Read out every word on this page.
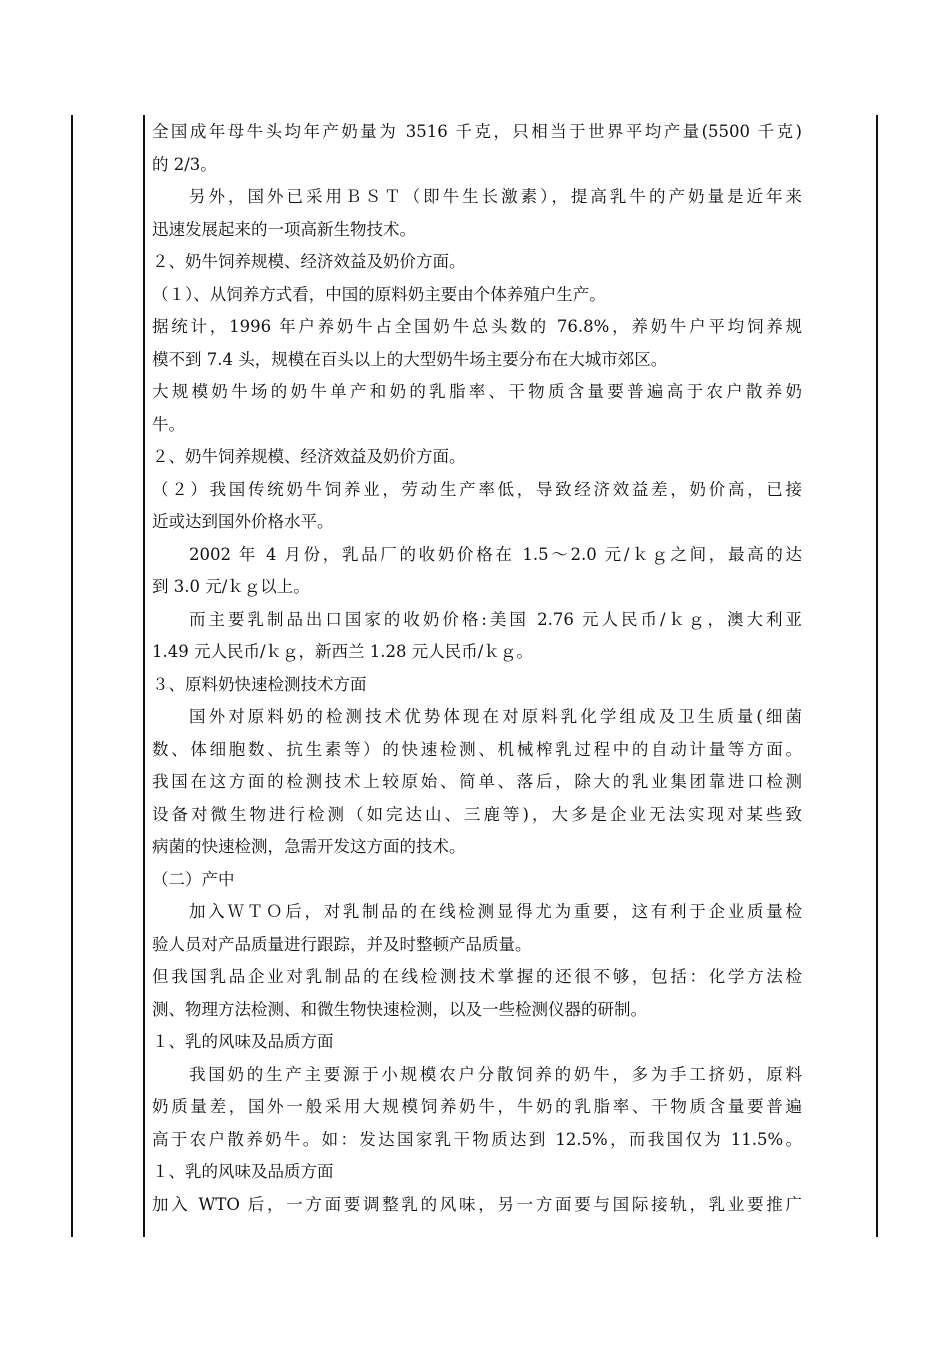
全国成年母牛头均年产奶量为 3516 千克，只相当于世界平均产量(5500 千克)
的 2/3。
另外，国外已采用ＢＳＴ（即牛生长激素），提高乳牛的产奶量是近年来
迅速发展起来的一项高新生物技术。
２、奶牛饲养规模、经济效益及奶价方面。
（１）、从饲养方式看，中国的原料奶主要由个体养殖户生产。
据统计，1996 年户养奶牛占全国奶牛总头数的 76.8%，养奶牛户平均饲养规
模不到 7.4 头，规模在百头以上的大型奶牛场主要分布在大城市郊区。
大规模奶牛场的奶牛单产和奶的乳脂率、干物质含量要普遍高于农户散养奶
牛。
２、奶牛饲养规模、经济效益及奶价方面。
（２）我国传统奶牛饲养业，劳动生产率低，导致经济效益差，奶价高，已接
近或达到国外价格水平。
2002 年 4 月份，乳品厂的收奶价格在 1.5～2.0 元/ｋｇ之间，最高的达
到 3.0 元/ｋｇ以上。
而主要乳制品出口国家的收奶价格:美国 2.76 元人民币/ｋｇ，澳大利亚
1.49 元人民币/ｋｇ，新西兰 1.28 元人民币/ｋｇ。
３、原料奶快速检测技术方面
国外对原料奶的检测技术优势体现在对原料乳化学组成及卫生质量(细菌
数、体细胞数、抗生素等）的快速检测、机械榨乳过程中的自动计量等方面。
我国在这方面的检测技术上较原始、简单、落后，除大的乳业集团靠进口检测
设备对微生物进行检测（如完达山、三鹿等)，大多是企业无法实现对某些致
病菌的快速检测，急需开发这方面的技术。
（二）产中
加入ＷＴＯ后，对乳制品的在线检测显得尤为重要，这有利于企业质量检
验人员对产品质量进行跟踪，并及时整顿产品质量。
但我国乳品企业对乳制品的在线检测技术掌握的还很不够，包括：化学方法检
测、物理方法检测、和微生物快速检测，以及一些检测仪器的研制。
１、乳的风味及品质方面
我国奶的生产主要源于小规模农户分散饲养的奶牛，多为手工挤奶，原料
奶质量差，国外一般采用大规模饲养奶牛，牛奶的乳脂率、干物质含量要普遍
高于农户散养奶牛。如：发达国家乳干物质达到 12.5%，而我国仅为 11.5%。
１、乳的风味及品质方面
加入 WTO 后，一方面要调整乳的风味，另一方面要与国际接轨，乳业要推广
